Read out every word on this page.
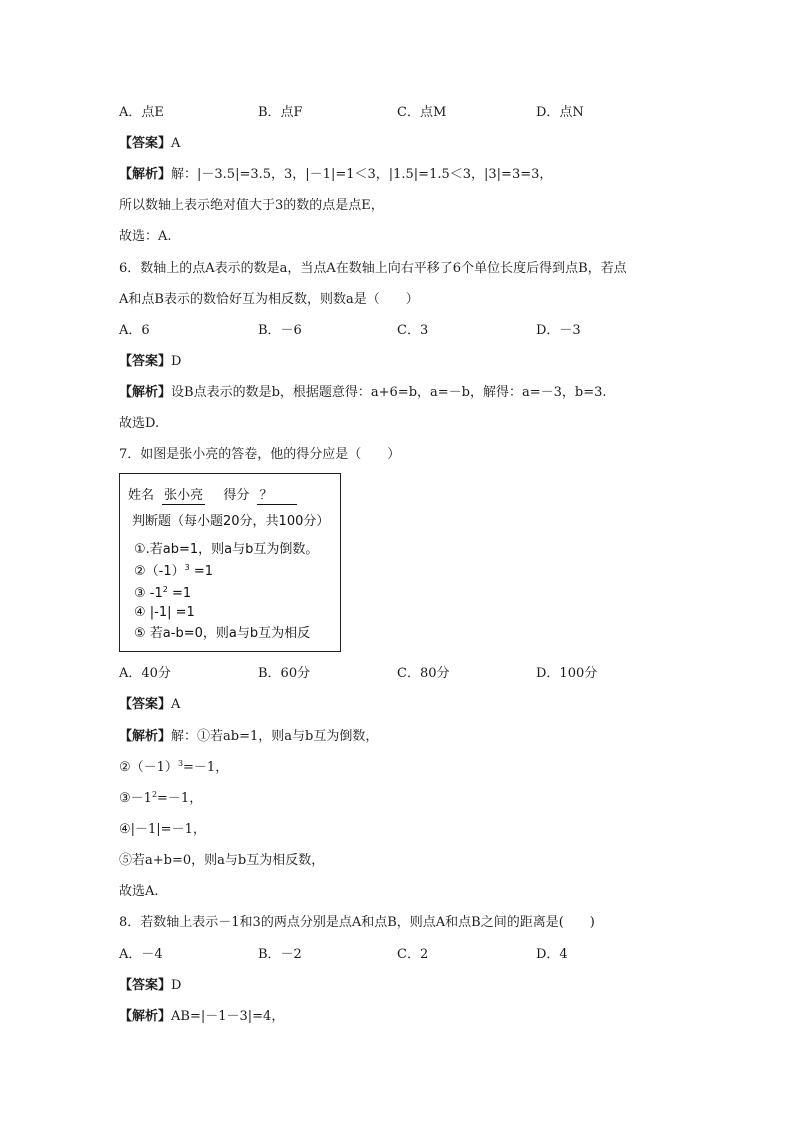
A．点E	B．点F	C．点M	D．点N
【答案】A
【解析】解：|－3.5|=3.5，3，|－1|=1＜3，|1.5|=1.5＜3，|3|=3=3，
所以数轴上表示绝对值大于3的数的点是点E，
故选：A.
6．数轴上的点A表示的数是a，当点A在数轴上向右平移了6个单位长度后得到点B，若点
A和点B表示的数恰好互为相反数，则数a是（　　）
A．6	B．－6	C．3	D．－3
【答案】D
【解析】设B点表示的数是b，根据题意得：a+6=b，a=－b，解得：a=－3，b=3.
故选D.
7．如图是张小亮的答卷，他的得分应是（　　）
姓名 张小亮 得分 ？
判断题（每小题20分，共100分）
①.若ab=1，则a与b互为倒数。
$②(-1)^3 =1$
③ $-1^2 =1$
④ |-1| =1
⑤ 若a-b=0，则a与b互为相反
A．40分	B．60分	C．80分	D．100分
【答案】A
【解析】解：①若ab=1，则a与b互为倒数，
$②(-1)^3=-1$，
$③-1^2=-1$，
④|－1|=－1，
⑤若a+b=0，则a与b互为相反数，
故选A.
8．若数轴上表示－1和3的两点分别是点A和点B，则点A和点B之间的距离是(　　)
A．－4	B．－2	C．2	D．4
【答案】D
【解析】AB=|－1－3|=4，
